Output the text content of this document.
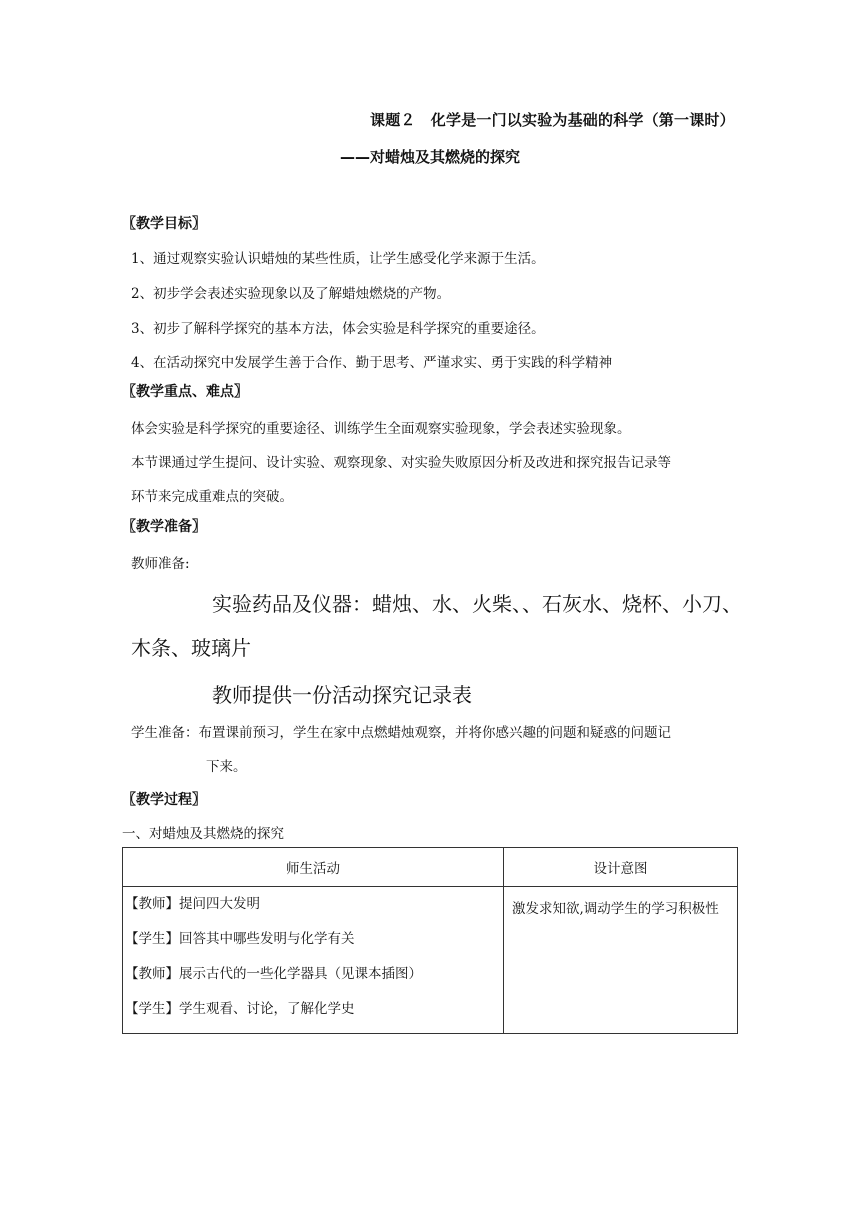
课题２　化学是一门以实验为基础的科学（第一课时）
——对蜡烛及其燃烧的探究
〖教学目标〗
1、通过观察实验认识蜡烛的某些性质，让学生感受化学来源于生活。
2、初步学会表述实验现象以及了解蜡烛燃烧的产物。
3、初步了解科学探究的基本方法，体会实验是科学探究的重要途径。
4、在活动探究中发展学生善于合作、勤于思考、严谨求实、勇于实践的科学精神
〖教学重点、难点〗
体会实验是科学探究的重要途径、训练学生全面观察实验现象，学会表述实验现象。
本节课通过学生提问、设计实验、观察现象、对实验失败原因分析及改进和探究报告记录等
环节来完成重难点的突破。
〖教学准备〗
教师准备:
实验药品及仪器：蜡烛、水、火柴、、石灰水、烧杯、小刀、
木条、玻璃片
教师提供一份活动探究记录表
学生准备：布置课前预习，学生在家中点燃蜡烛观察，并将你感兴趣的问题和疑惑的问题记
下来。
〖教学过程〗
一、对蜡烛及其燃烧的探究
师生活动	设计意图

【教师】提问四大发明
【学生】回答其中哪些发明与化学有关
【教师】展示古代的一些化学器具（见课本插图）
【学生】学生观看、讨论，了解化学史	激发求知欲,调动学生的学习积极性
